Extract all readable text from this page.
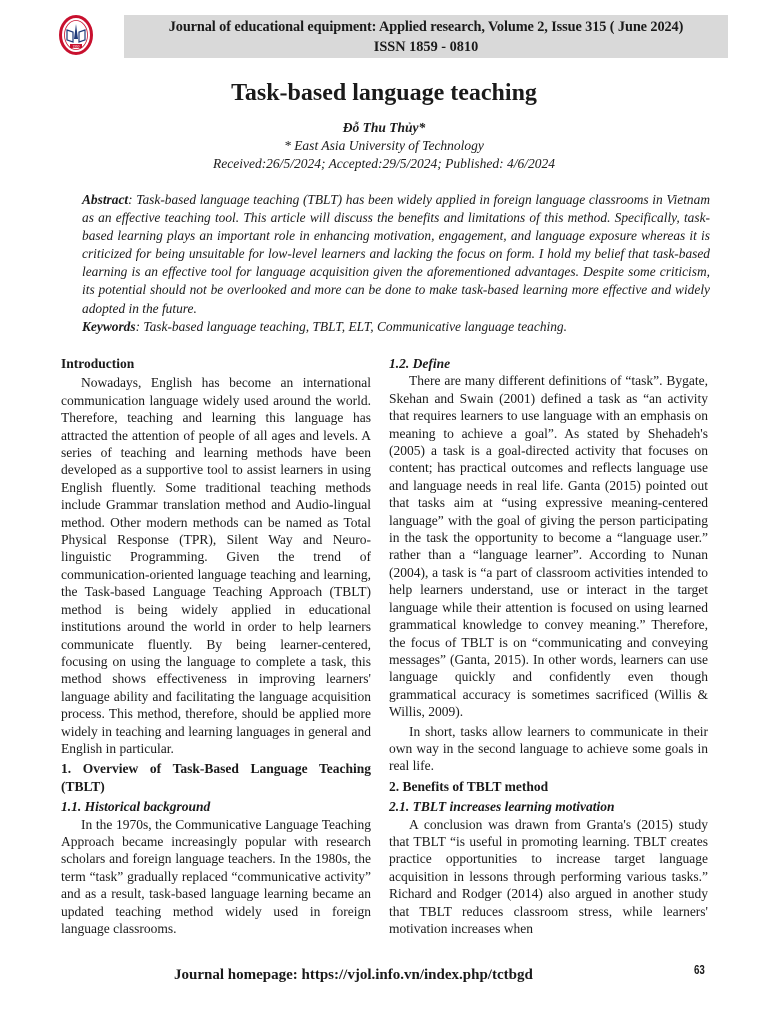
1960
Journal of educational equipment: Applied research, Volume 2, Issue 315 ( June 2024)
ISSN 1859 - 0810
Task-based language teaching
Đỗ Thu Thủy*
* East Asia University of Technology
Received:26/5/2024; Accepted:29/5/2024; Published: 4/6/2024
Abstract: Task-based language teaching (TBLT) has been widely applied in foreign language classrooms in Vietnam as an effective teaching tool. This article will discuss the benefits and limitations of this method. Specifically, task-based learning plays an important role in enhancing motivation, engagement, and language exposure whereas it is criticized for being unsuitable for low-level learners and lacking the focus on form. I hold my belief that task-based learning is an effective tool for language acquisition given the aforementioned advantages. Despite some criticism, its potential should not be overlooked and more can be done to make task-based learning more effective and widely adopted in the future.
Keywords: Task-based language teaching, TBLT, ELT, Communicative language teaching.

Introduction

Nowadays, English has become an international communication language widely used around the world. Therefore, teaching and learning this language has attracted the attention of people of all ages and levels. A series of teaching and learning methods have been developed as a supportive tool to assist learners in using English fluently. Some traditional teaching methods include Grammar translation method and Audio-lingual method. Other modern methods can be named as Total Physical Response (TPR), Silent Way and Neuro-linguistic Programming. Given the trend of communication-oriented language teaching and learning, the Task-based Language Teaching Approach (TBLT) method is being widely applied in educational institutions around the world in order to help learners communicate fluently. By being learner-centered, focusing on using the language to complete a task, this method shows effectiveness in improving learners' language ability and facilitating the language acquisition process. This method, therefore, should be applied more widely in teaching and learning languages in general and English in particular.

1. Overview of Task-Based Language Teaching (TBLT)

1.1. Historical background

In the 1970s, the Communicative Language Teaching Approach became increasingly popular with research scholars and foreign language teachers. In the 1980s, the term “task” gradually replaced “communicative activity” and as a result, task-based language learning became an updated teaching method widely used in foreign language classrooms.

1.2. Define

There are many different definitions of “task”. Bygate, Skehan and Swain (2001) defined a task as “an activity that requires learners to use language with an emphasis on meaning to achieve a goal”. As stated by Shehadeh's (2005) a task is a goal-directed activity that focuses on content; has practical outcomes and reflects language use and language needs in real life. Ganta (2015) pointed out that tasks aim at “using expressive meaning-centered language” with the goal of giving the person participating in the task the opportunity to become a “language user.” rather than a “language learner”. According to Nunan (2004), a task is “a part of classroom activities intended to help learners understand, use or interact in the target language while their attention is focused on using learned grammatical knowledge to convey meaning.” Therefore, the focus of TBLT is on “communicating and conveying messages” (Ganta, 2015). In other words, learners can use language quickly and confidently even though grammatical accuracy is sometimes sacrificed (Willis & Willis, 2009).

In short, tasks allow learners to communicate in their own way in the second language to achieve some goals in real life.

2. Benefits of TBLT method

2.1. TBLT increases learning motivation

A conclusion was drawn from Granta's (2015) study that TBLT “is useful in promoting learning. TBLT creates practice opportunities to increase target language acquisition in lessons through performing various tasks.” Richard and Rodger (2014) also argued in another study that TBLT reduces classroom stress, while learners' motivation increases when

Journal homepage: https://vjol.info.vn/index.php/tctbgd	63
